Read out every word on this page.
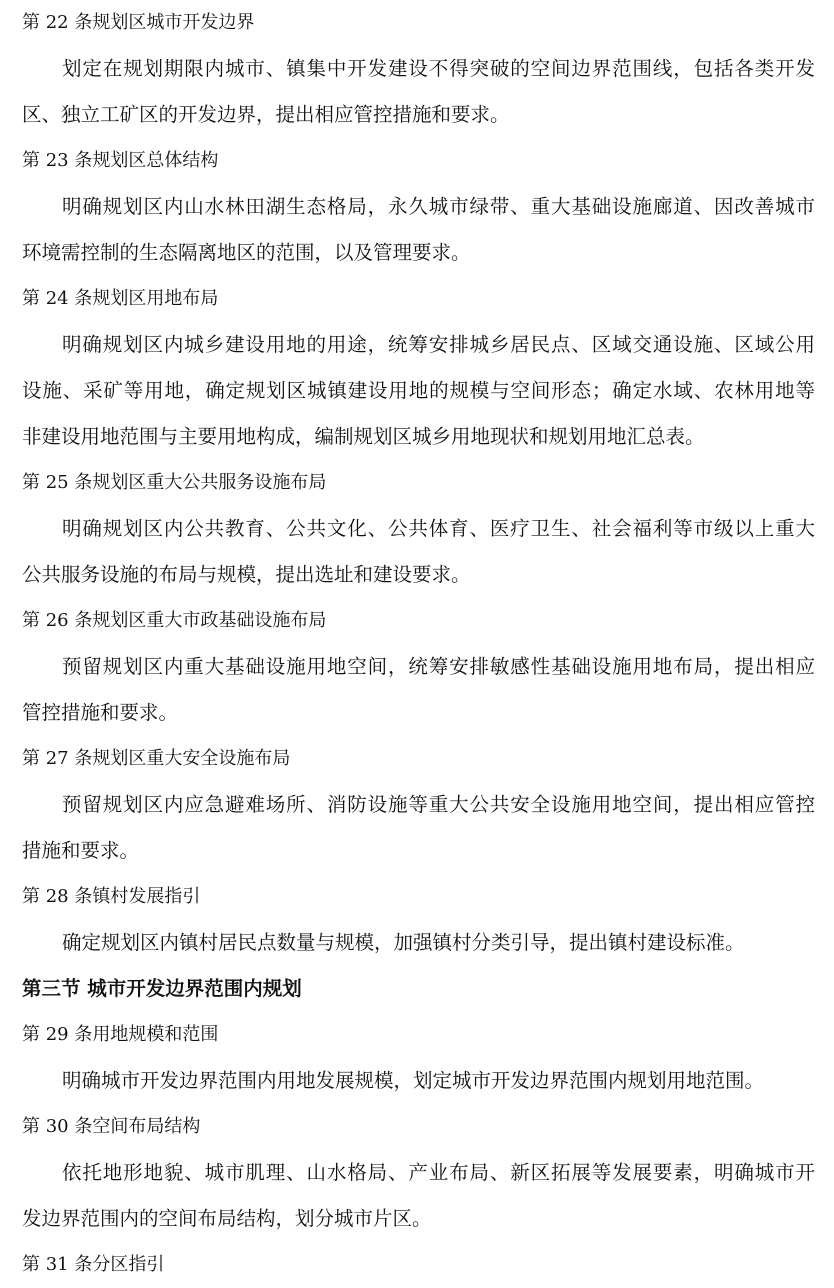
第 22 条规划区城市开发边界
划定在规划期限内城市、镇集中开发建设不得突破的空间边界范围线，包括各类开发
区、独立工矿区的开发边界，提出相应管控措施和要求。
第 23 条规划区总体结构
明确规划区内山水林田湖生态格局，永久城市绿带、重大基础设施廊道、因改善城市
环境需控制的生态隔离地区的范围，以及管理要求。
第 24 条规划区用地布局
明确规划区内城乡建设用地的用途，统筹安排城乡居民点、区域交通设施、区域公用
设施、采矿等用地，确定规划区城镇建设用地的规模与空间形态；确定水域、农林用地等
非建设用地范围与主要用地构成，编制规划区城乡用地现状和规划用地汇总表。
第 25 条规划区重大公共服务设施布局
明确规划区内公共教育、公共文化、公共体育、医疗卫生、社会福利等市级以上重大
公共服务设施的布局与规模，提出选址和建设要求。
第 26 条规划区重大市政基础设施布局
预留规划区内重大基础设施用地空间，统筹安排敏感性基础设施用地布局，提出相应
管控措施和要求。
第 27 条规划区重大安全设施布局
预留规划区内应急避难场所、消防设施等重大公共安全设施用地空间，提出相应管控
措施和要求。
第 28 条镇村发展指引
确定规划区内镇村居民点数量与规模，加强镇村分类引导，提出镇村建设标准。
第三节 城市开发边界范围内规划
第 29 条用地规模和范围
明确城市开发边界范围内用地发展规模，划定城市开发边界范围内规划用地范围。
第 30 条空间布局结构
依托地形地貌、城市肌理、山水格局、产业布局、新区拓展等发展要素，明确城市开
发边界范围内的空间布局结构，划分城市片区。
第 31 条分区指引
